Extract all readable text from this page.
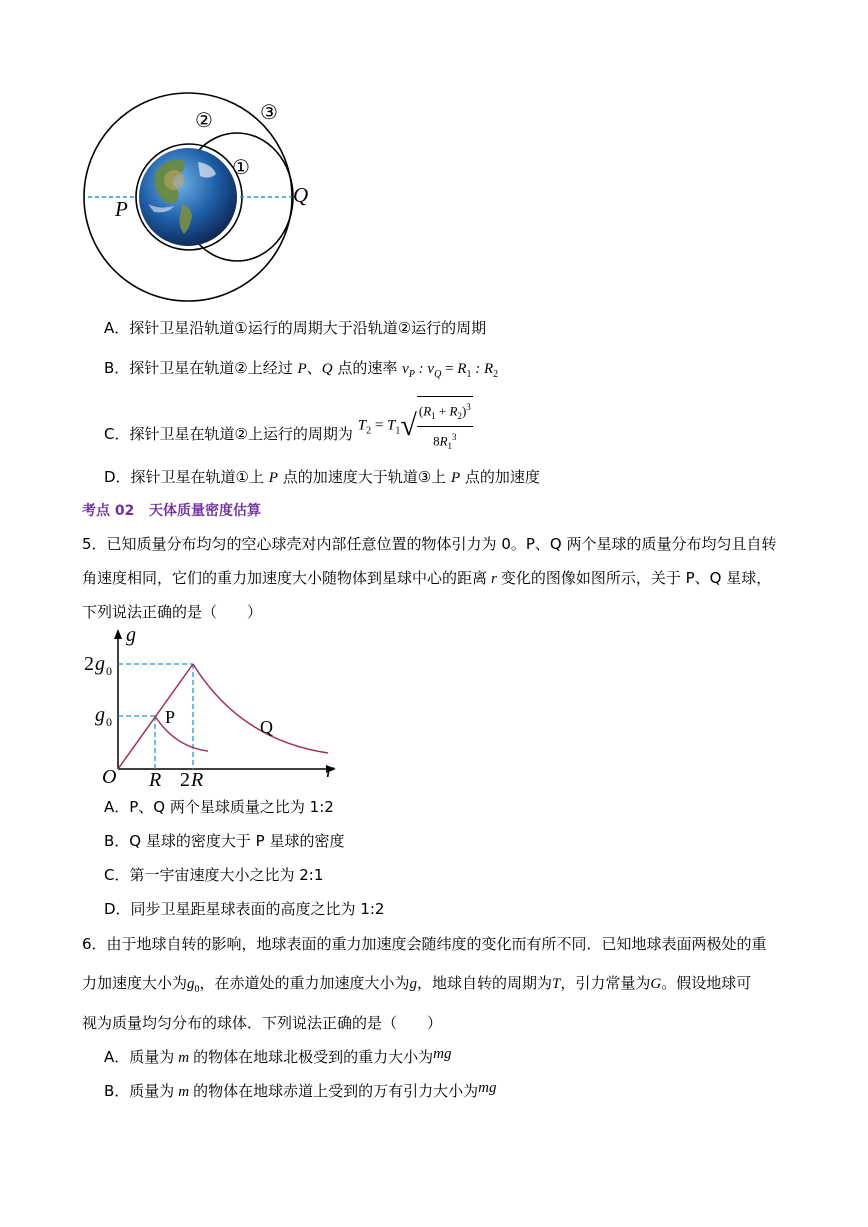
③
②
①
P
Q
A．探针卫星沿轨道①运行的周期大于沿轨道②运行的周期
B．探针卫星在轨道②上经过 P、Q 点的速率 $v_P$ : $v_Q = R_1$ : $R_2$
C．探针卫星在轨道②上运行的周期为 $T_2 = T_1√ \frac{(R_1 + R_2)^3}{8R_1^3}$
D．探针卫星在轨道①上 P 点的加速度大于轨道③上 P 点的加速度
考点 02 天体质量密度估算
5．已知质量分布均匀的空心球壳对内部任意位置的物体引力为 0。P、Q 两个星球的质量分布均匀且自转
角速度相同，它们的重力加速度大小随物体到星球中心的距离 r 变化的图像如图所示，关于 P、Q 星球，
下列说法正确的是（　　）
g
r
O
2 g 0
g 0
R 2 R
P	Q
A．P、Q 两个星球质量之比为 1:2
B．Q 星球的密度大于 P 星球的密度
C．第一宇宙速度大小之比为 2:1
D．同步卫星距星球表面的高度之比为 1:2
6．由于地球自转的影响，地球表面的重力加速度会随纬度的变化而有所不同．已知地球表面两极处的重
力加速度大小为$g_0$，在赤道处的重力加速度大小为g，地球自转的周期为T，引力常量为G。假设地球可
视为质量均匀分布的球体．下列说法正确的是（　　）
A．质量为 m 的物体在地球北极受到的重力大小为mg
B．质量为 m 的物体在地球赤道上受到的万有引力大小为mg
